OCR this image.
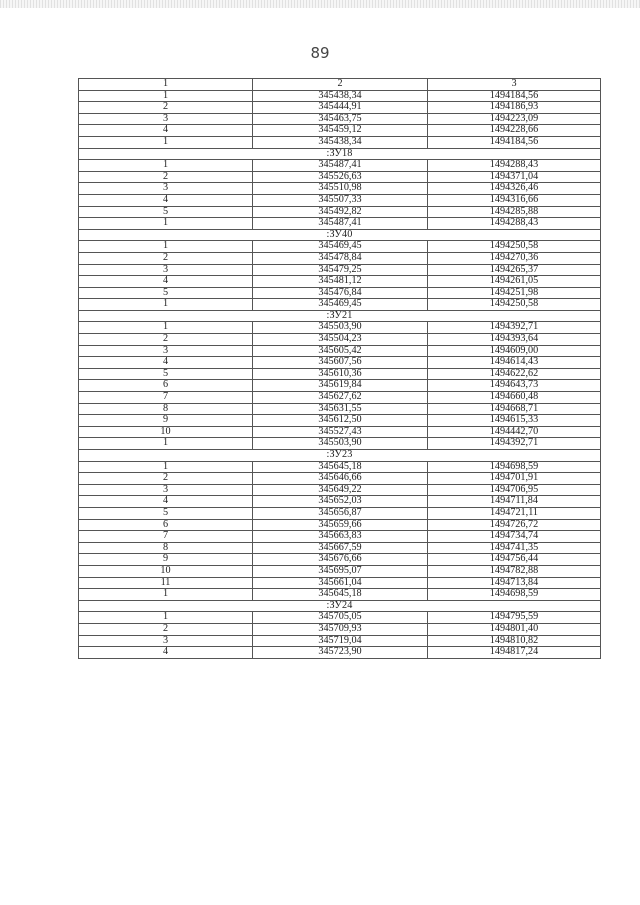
89
1	2	3
1	345438,34	1494184,56
2	345444,91	1494186,93
3	345463,75	1494223,09
4	345459,12	1494228,66
1	345438,34	1494184,56
:ЗУ18		
1	345487,41	1494288,43
2	345526,63	1494371,04
3	345510,98	1494326,46
4	345507,33	1494316,66
5	345492,82	1494285,88
1	345487,41	1494288,43
:ЗУ40		
1	345469,45	1494250,58
2	345478,84	1494270,36
3	345479,25	1494265,37
4	345481,12	1494261,05
5	345476,84	1494251,98
1	345469,45	1494250,58
:ЗУ21		
1	345503,90	1494392,71
2	345504,23	1494393,64
3	345605,42	1494609,00
4	345607,56	1494614,43
5	345610,36	1494622,62
6	345619,84	1494643,73
7	345627,62	1494660,48
8	345631,55	1494668,71
9	345612,50	1494615,33
10	345527,43	1494442,70
1	345503,90	1494392,71
:ЗУ23		
1	345645,18	1494698,59
2	345646,66	1494701,91
3	345649,22	1494706,95
4	345652,03	1494711,84
5	345656,87	1494721,11
6	345659,66	1494726,72
7	345663,83	1494734,74
8	345667,59	1494741,35
9	345676,66	1494756,44
10	345695,07	1494782,88
11	345661,04	1494713,84
1	345645,18	1494698,59
:ЗУ24		
1	345705,05	1494795,59
2	345709,93	1494801,40
3	345719,04	1494810,82
4	345723,90	1494817,24
